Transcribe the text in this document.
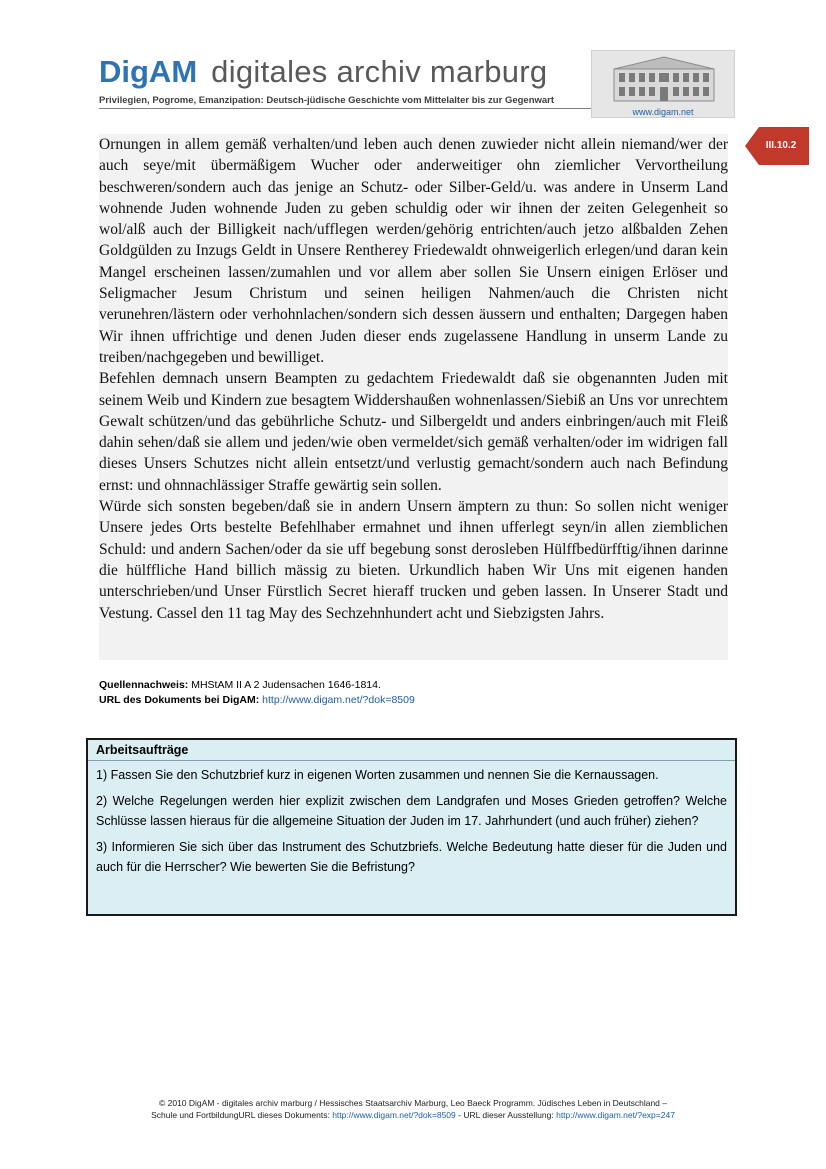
DigAM digitales archiv marburg
Privilegien, Pogrome, Emanzipation: Deutsch-jüdische Geschichte vom Mittelalter bis zur Gegenwart
www.digam.net
III.10.2

Ornungen in allem gemäß verhalten/und leben auch denen zuwieder nicht allein niemand/wer der auch seye/mit übermäßigem Wucher oder anderweitiger ohn ziemlicher Vervortheilung beschweren/sondern auch das jenige an Schutz- oder Silber-Geld/u. was andere in Unserm Land wohnende Juden wohnende Juden zu geben schuldig oder wir ihnen der zeiten Gelegenheit so wol/alß auch der Billigkeit nach/ufflegen werden/gehörig entrichten/auch jetzo alßbalden Zehen Goldgülden zu Inzugs Geldt in Unsere Rentherey Friedewaldt ohnweigerlich erlegen/und daran kein Mangel erscheinen lassen/zumahlen und vor allem aber sollen Sie Unsern einigen Erlöser und Seligmacher Jesum Christum und seinen heiligen Nahmen/auch die Christen nicht verunehren/lästern oder verhohnlachen/sondern sich dessen äussern und enthalten; Dargegen haben Wir ihnen uffrichtige und denen Juden dieser ends zugelassene Handlung in unserm Lande zu treiben/nachgegeben und bewilliget.

Befehlen demnach unsern Beampten zu gedachtem Friedewaldt daß sie obgenannten Juden mit seinem Weib und Kindern zue besagtem Widdershaußen wohnenlassen/Siebiß an Uns vor unrechtem Gewalt schützen/und das gebührliche Schutz- und Silbergeldt und anders einbringen/auch mit Fleiß dahin sehen/daß sie allem und jeden/wie oben vermeldet/sich gemäß verhalten/oder im widrigen fall dieses Unsers Schutzes nicht allein entsetzt/und verlustig gemacht/sondern auch nach Befindung ernst: und ohnnachlässiger Straffe gewärtig sein sollen.

Würde sich sonsten begeben/daß sie in andern Unsern ämptern zu thun: So sollen nicht weniger Unsere jedes Orts bestelte Befehlhaber ermahnet und ihnen ufferlegt seyn/in allen ziemblichen Schuld: und andern Sachen/oder da sie uff begebung sonst derosleben Hülffbedürfftig/ihnen darinne die hülffliche Hand billich mässig zu bieten. Urkundlich haben Wir Uns mit eigenen handen unterschrieben/und Unser Fürstlich Secret hieraff trucken und geben lassen. In Unserer Stadt und Vestung. Cassel den 11 tag May des Sechzehnhundert acht und Siebzigsten Jahrs.

Quellennachweis: MHStAM II A 2 Judensachen 1646-1814.
URL des Dokuments bei DigAM: http://www.digam.net/?dok=8509
Arbeitsaufträge

1) Fassen Sie den Schutzbrief kurz in eigenen Worten zusammen und nennen Sie die Kernaussagen.

2) Welche Regelungen werden hier explizit zwischen dem Landgrafen und Moses Grieden getroffen? Welche Schlüsse lassen hieraus für die allgemeine Situation der Juden im 17. Jahrhundert (und auch früher) ziehen?

3) Informieren Sie sich über das Instrument des Schutzbriefs. Welche Bedeutung hatte dieser für die Juden und auch für die Herrscher? Wie bewerten Sie die Befristung?

© 2010 DigAM - digitales archiv marburg / Hessisches Staatsarchiv Marburg, Leo Baeck Programm. Jüdisches Leben in Deutschland –
Schule und FortbildungURL dieses Dokuments: http://www.digam.net/?dok=8509 - URL dieser Ausstellung: http://www.digam.net/?exp=247
